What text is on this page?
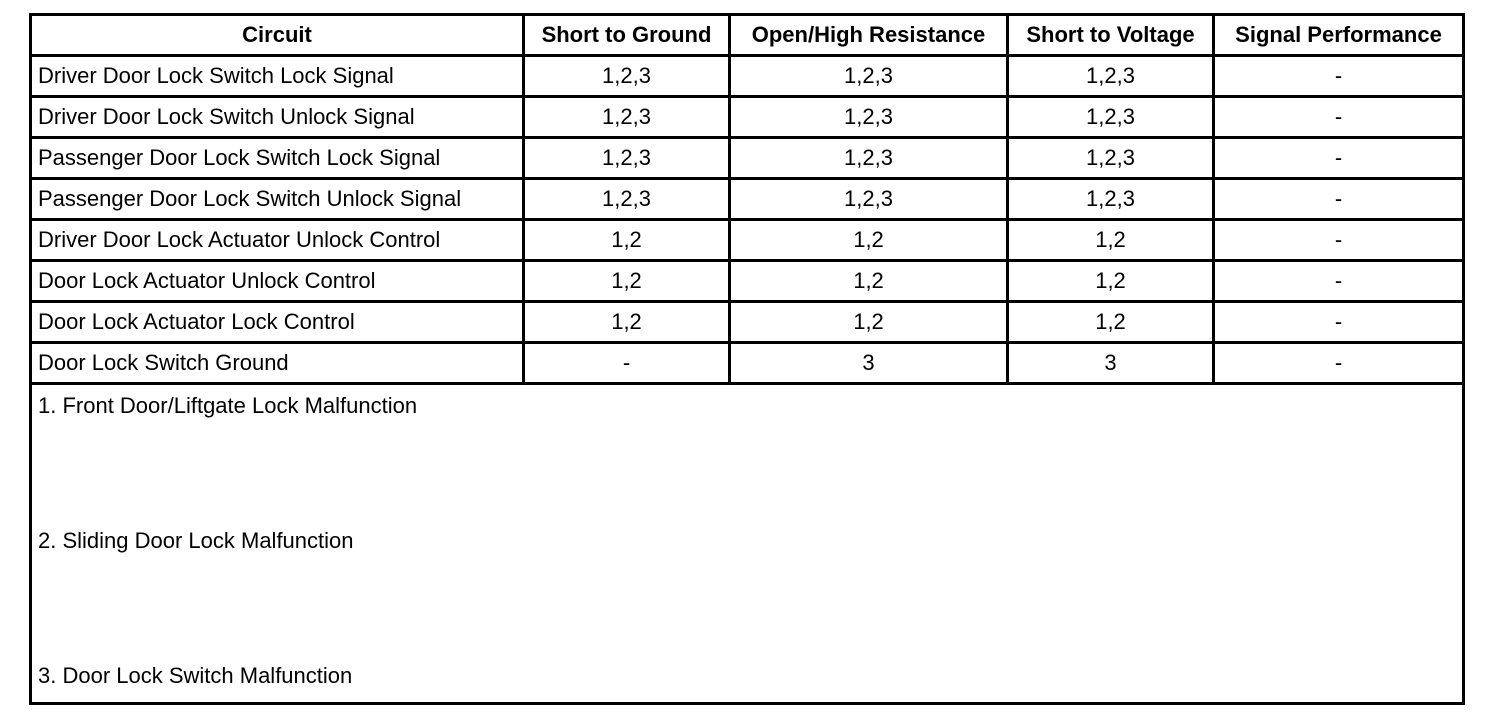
Circuit	Short to Ground	Open/High Resistance	Short to Voltage	Signal Performance
Driver Door Lock Switch Lock Signal	1,2,3	1,2,3	1,2,3	-
Driver Door Lock Switch Unlock Signal	1,2,3	1,2,3	1,2,3	-
Passenger Door Lock Switch Lock Signal	1,2,3	1,2,3	1,2,3	-
Passenger Door Lock Switch Unlock Signal	1,2,3	1,2,3	1,2,3	-
Driver Door Lock Actuator Unlock Control	1,2	1,2	1,2	-
Door Lock Actuator Unlock Control	1,2	1,2	1,2	-
Door Lock Actuator Lock Control	1,2	1,2	1,2	-
Door Lock Switch Ground	-	3	3	-

1. Front Door/Liftgate Lock Malfunction
2. Sliding Door Lock Malfunction
3. Door Lock Switch Malfunction				
